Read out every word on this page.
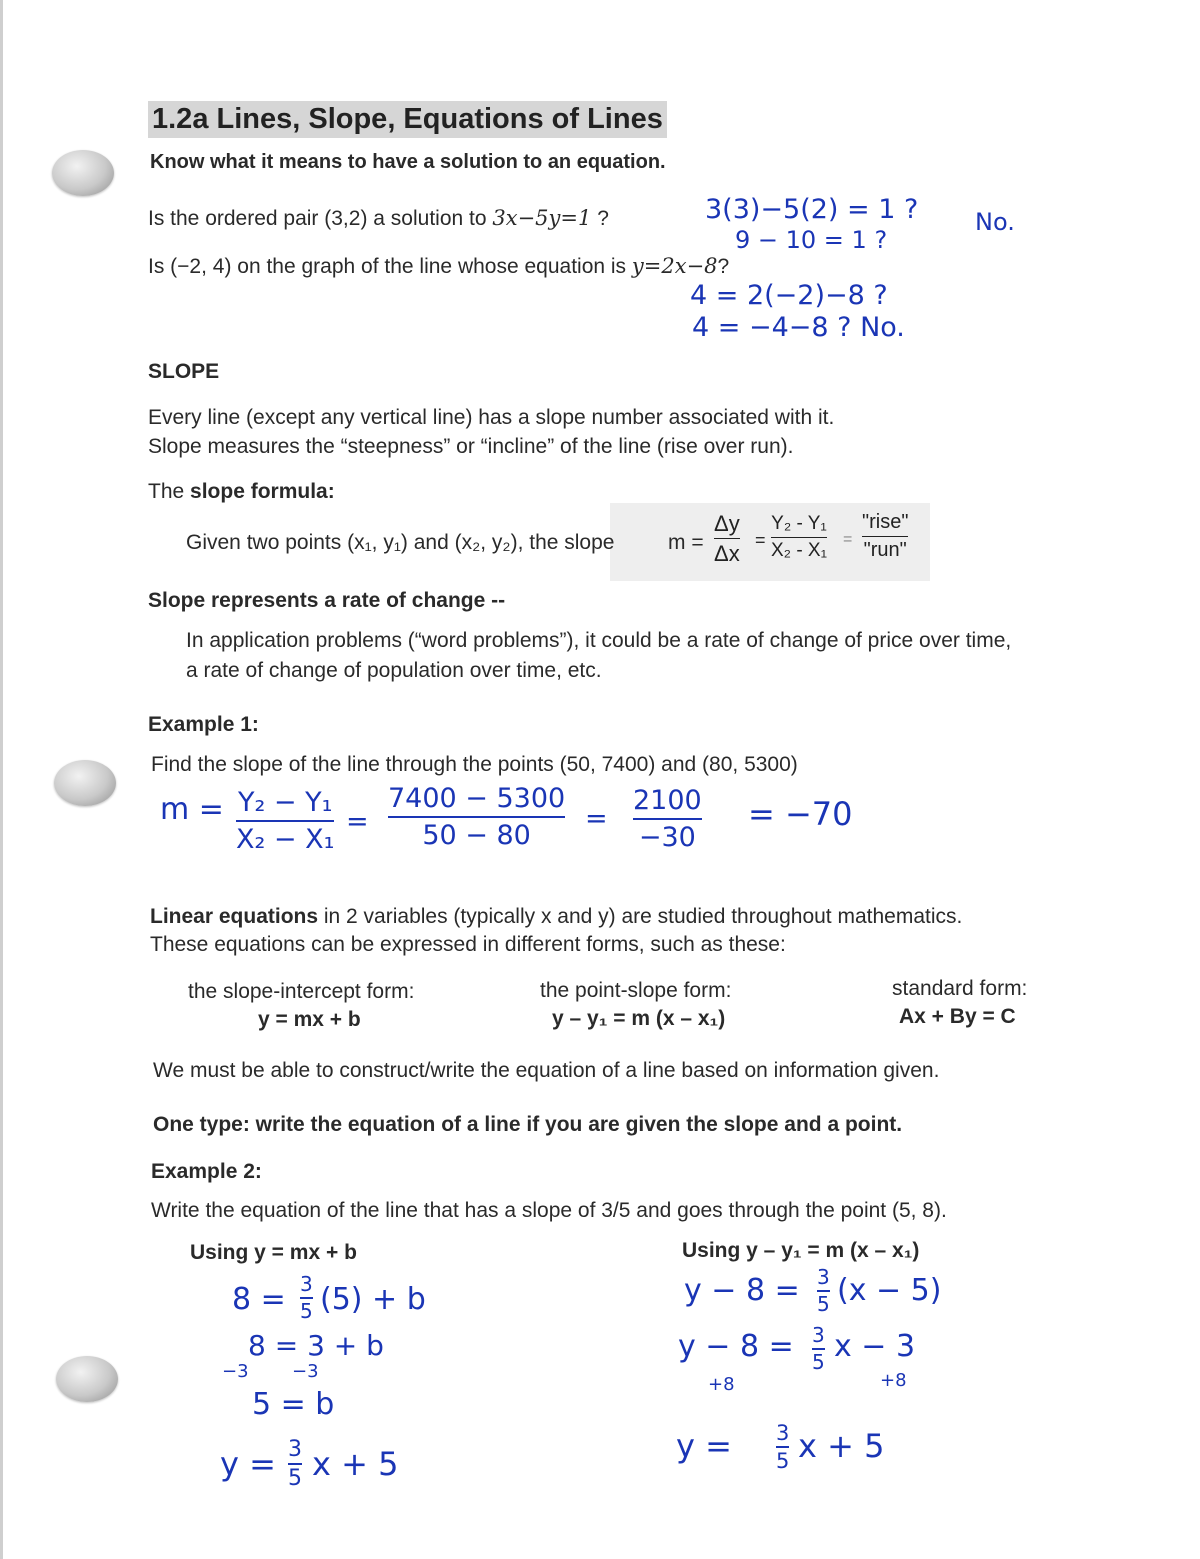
1.2a Lines, Slope, Equations of Lines
Know what it means to have a solution to an equation.
Is the ordered pair (3,2) a solution to 3x−5y=1 ?	3(3)−5(2) = 1 ?
9 − 10 = 1 ?
No.
Is (−2, 4) on the graph of the line whose equation is y=2x−8?
4 = 2(−2)−8 ?
4 = −4−8 ? No.
SLOPE
Every line (except any vertical line) has a slope number associated with it.
Slope measures the “steepness” or “incline” of the line (rise over run).
The slope formula:
Given two points (x₁, y₁) and (x₂, y₂), the slope	m =
Δy
Δx
=
Y₂ - Y₁
X₂ - X₁
=
"rise"
"run"
Slope represents a rate of change --
In application problems (“word problems”), it could be a rate of change of price over time,
a rate of change of population over time, etc.
Example 1:
Find the slope of the line through the points (50, 7400) and (80, 5300)
m = Y₂ − Y₁
X₂ − X₁
=
7400 − 5300
50 − 80
=
2100
−30
= −70
Linear equations in 2 variables (typically x and y) are studied throughout mathematics.
These equations can be expressed in different forms, such as these:
the slope-intercept form:
y = mx + b
the point-slope form:
y – y₁ = m (x – x₁)
standard form:
Ax + By = C
We must be able to construct/write the equation of a line based on information given.
One type: write the equation of a line if you are given the slope and a point.
Example 2:
Write the equation of the line that has a slope of 3/5 and goes through the point (5, 8).
Using y = mx + b	Using y – y₁ = m (x – x₁)
8 = 3
5 (5) + b
8 = 3 + b
−3 −3
5 = b
y = 3
5 x + 5
y − 8 = 3
5 (x − 5)
y − 8 = 3
5 x − 3
+8	+8
y = 3
5 x + 5
